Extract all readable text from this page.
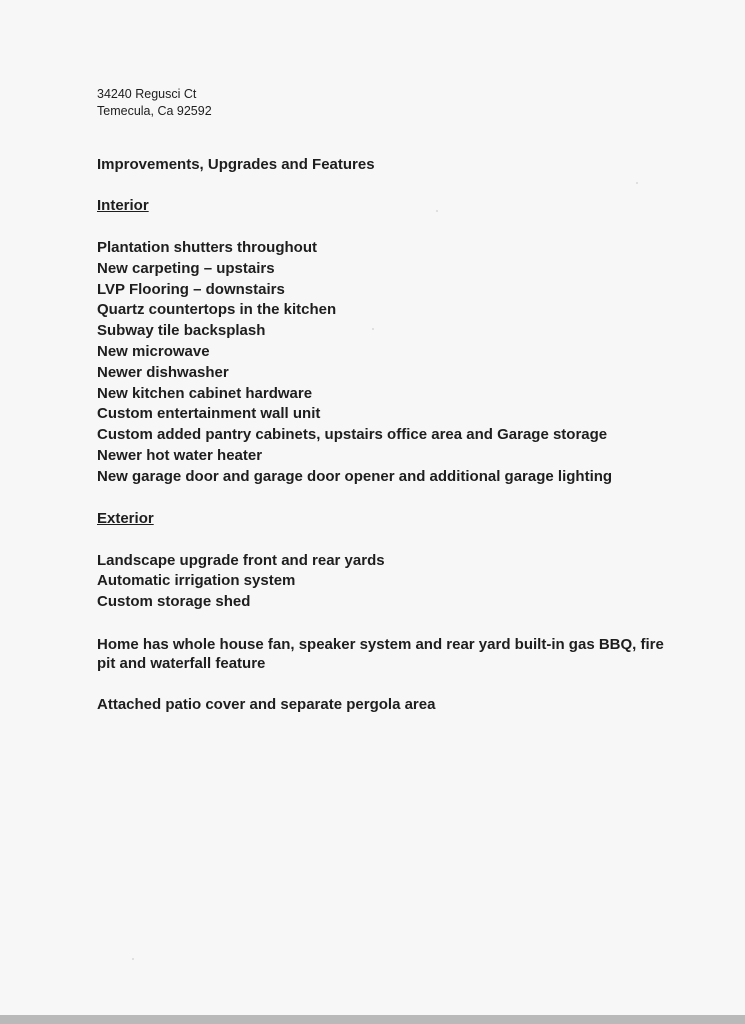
34240 Regusci Ct

Temecula, Ca 92592

Improvements, Upgrades and Features
Interior
Plantation shutters throughout
New carpeting – upstairs
LVP Flooring – downstairs
Quartz countertops in the kitchen
Subway tile backsplash
New microwave
Newer dishwasher
New kitchen cabinet hardware
Custom entertainment wall unit
Custom added pantry cabinets, upstairs office area and Garage storage
Newer hot water heater
New garage door and garage door opener and additional garage lighting
Exterior
Landscape upgrade front and rear yards
Automatic irrigation system
Custom storage shed

Home has whole house fan, speaker system and rear yard built-in gas BBQ, fire pit and waterfall feature

Attached patio cover and separate pergola area
